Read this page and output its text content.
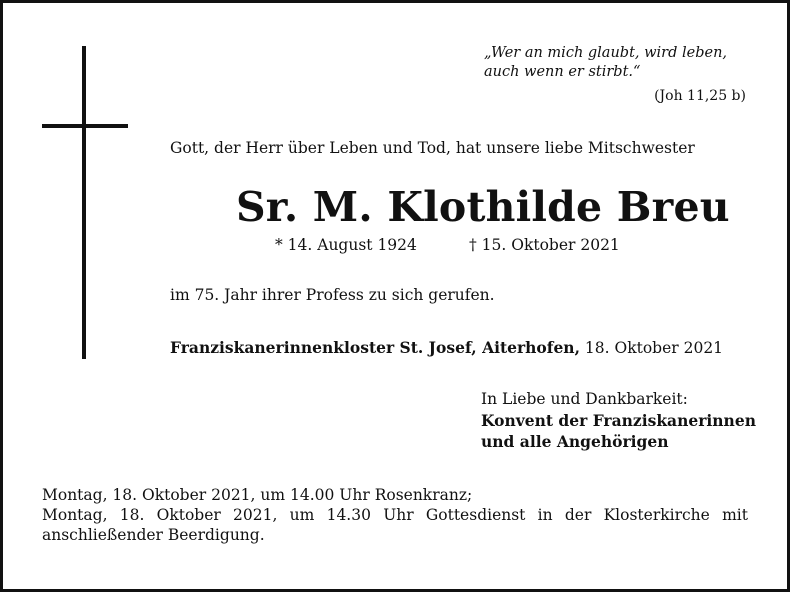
„Wer an mich glaubt, wird leben,
auch wenn er stirbt.“
(Joh 11,25 b)
Gott, der Herr über Leben und Tod, hat unsere liebe Mitschwester
Sr. M. Klothilde Breu
* 14. August 1924	† 15. Oktober 2021
im 75. Jahr ihrer Profess zu sich gerufen.
Franziskanerinnenkloster St. Josef, Aiterhofen, 18. Oktober 2021
In Liebe und Dankbarkeit:
Konvent der Franziskanerinnen
und alle Angehörigen
Montag, 18. Oktober 2021, um 14.00 Uhr Rosenkranz;
Montag, 18. Oktober 2021, um 14.30 Uhr Gottesdienst in der Klosterkirche mit
anschließender Beerdigung.
